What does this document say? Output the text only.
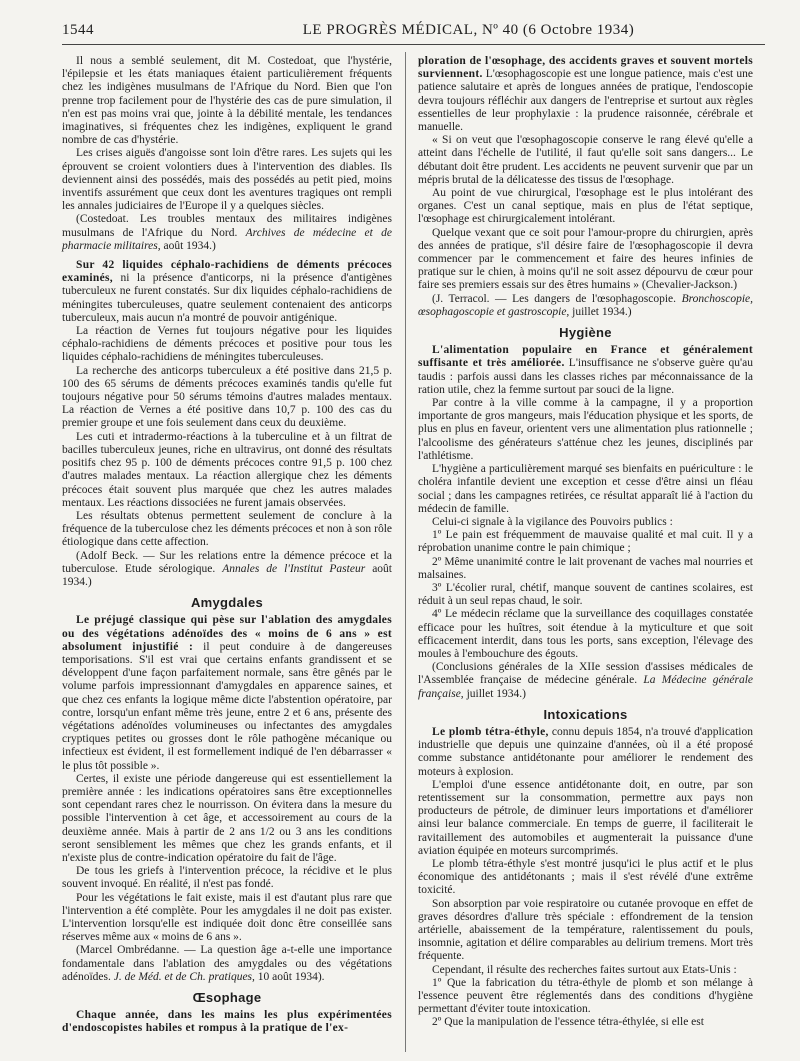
1544	LE PROGRÈS MÉDICAL, Nº 40 (6 Octobre 1934)

Il nous a semblé seulement, dit M. Costedoat, que l'hystérie, l'épilepsie et les états maniaques étaient particulièrement fréquents chez les indigènes musulmans de l'Afrique du Nord. Bien que l'on prenne trop facilement pour de l'hystérie des cas de pure simulation, il n'en est pas moins vrai que, jointe à la débilité mentale, les tendances imaginatives, si fréquentes chez les indigènes, expliquent le grand nombre de cas d'hystérie.

Les crises aiguës d'angoisse sont loin d'être rares. Les sujets qui les éprouvent se croient volontiers dues à l'intervention des diables. Ils deviennent ainsi des possédés, mais des possédés au petit pied, moins inventifs assurément que ceux dont les aventures tragiques ont rempli les annales judiciaires de l'Europe il y a quelques siècles.

(Costedoat. Les troubles mentaux des militaires indigènes musulmans de l'Afrique du Nord. Archives de médecine et de pharmacie militaires, août 1934.)

Sur 42 liquides céphalo-rachidiens de déments précoces examinés, ni la présence d'anticorps, ni la présence d'antigènes tuberculeux ne furent constatés. Sur dix liquides céphalo-rachidiens de méningites tuberculeuses, quatre seulement contenaient des anticorps tuberculeux, mais aucun n'a montré de pouvoir antigénique.

La réaction de Vernes fut toujours négative pour les liquides céphalo-rachidiens de déments précoces et positive pour tous les liquides céphalo-rachidiens de méningites tuberculeuses.

La recherche des anticorps tuberculeux a été positive dans 21,5 p. 100 des 65 sérums de déments précoces examinés tandis qu'elle fut toujours négative pour 50 sérums témoins d'autres malades mentaux. La réaction de Vernes a été positive dans 10,7 p. 100 des cas du premier groupe et une fois seulement dans ceux du deuxième.

Les cuti et intradermo-réactions à la tuberculine et à un filtrat de bacilles tuberculeux jeunes, riche en ultravirus, ont donné des résultats positifs chez 95 p. 100 de déments précoces contre 91,5 p. 100 chez d'autres malades mentaux. La réaction allergique chez les déments précoces était souvent plus marquée que chez les autres malades mentaux. Les réactions dissociées ne furent jamais observées.

Les résultats obtenus permettent seulement de conclure à la fréquence de la tuberculose chez les déments précoces et non à son rôle étiologique dans cette affection.

(Adolf Beck. — Sur les relations entre la démence précoce et la tuberculose. Etude sérologique. Annales de l'Institut Pasteur août 1934.)

Amygdales

Le préjugé classique qui pèse sur l'ablation des amygdales ou des végétations adénoïdes des « moins de 6 ans » est absolument injustifié : il peut conduire à de dangereuses temporisations. S'il est vrai que certains enfants grandissent et se développent d'une façon parfaitement normale, sans être gênés par le volume parfois impressionnant d'amygdales en apparence saines, et que chez ces enfants la logique même dicte l'abstention opératoire, par contre, lorsqu'un enfant même très jeune, entre 2 et 6 ans, présente des végétations adénoïdes volumineuses ou infectantes des amygdales cryptiques petites ou grosses dont le rôle pathogène mécanique ou infectieux est évident, il est formellement indiqué de l'en débarrasser « le plus tôt possible ».

Certes, il existe une période dangereuse qui est essentiellement la première année : les indications opératoires sans être exceptionnelles sont cependant rares chez le nourrisson. On évitera dans la mesure du possible l'intervention à cet âge, et accessoirement au cours de la deuxième année. Mais à partir de 2 ans 1/2 ou 3 ans les conditions seront sensiblement les mêmes que chez les grands enfants, et il n'existe plus de contre-indication opératoire du fait de l'âge.

De tous les griefs à l'intervention précoce, la récidive et le plus souvent invoqué. En réalité, il n'est pas fondé.

Pour les végétations le fait existe, mais il est d'autant plus rare que l'intervention a été complète. Pour les amygdales il ne doit pas exister. L'intervention lorsqu'elle est indiquée doit donc être conseillée sans réserves même aux « moins de 6 ans ».

(Marcel Ombrédanne. — La question âge a-t-elle une importance fondamentale dans l'ablation des amygdales ou des végétations adénoïdes. J. de Méd. et de Ch. pratiques, 10 août 1934).

Œsophage

Chaque année, dans les mains les plus expérimentées d'endoscopistes habiles et rompus à la pratique de l'ex-

ploration de l'œsophage, des accidents graves et souvent mortels surviennent. L'œsophagoscopie est une longue patience, mais c'est une patience salutaire et après de longues années de pratique, l'endoscopie devra toujours réfléchir aux dangers de l'entreprise et surtout aux règles essentielles de leur prophylaxie : la prudence raisonnée, cérébrale et manuelle.

« Si on veut que l'œsophagoscopie conserve le rang élevé qu'elle a atteint dans l'échelle de l'utilité, il faut qu'elle soit sans dangers... Le débutant doit être prudent. Les accidents ne peuvent survenir que par un mépris brutal de la délicatesse des tissus de l'œsophage.

Au point de vue chirurgical, l'œsophage est le plus intolérant des organes. C'est un canal septique, mais en plus de l'état septique, l'œsophage est chirurgicalement intolérant.

Quelque vexant que ce soit pour l'amour-propre du chirurgien, après des années de pratique, s'il désire faire de l'œsophagoscopie il devra commencer par le commencement et faire des heures infinies de pratique sur le chien, à moins qu'il ne soit assez dépourvu de cœur pour faire ses premiers essais sur des êtres humains » (Chevalier-Jackson.)

(J. Terracol. — Les dangers de l'œsophagoscopie. Bronchoscopie, œsophagoscopie et gastroscopie, juillet 1934.)

Hygiène

L'alimentation populaire en France et généralement suffisante et très améliorée. L'insuffisance ne s'observe guère qu'au taudis : parfois aussi dans les classes riches par méconnaissance de la ration utile, chez la femme surtout par souci de la ligne.

Par contre à la ville comme à la campagne, il y a proportion importante de gros mangeurs, mais l'éducation physique et les sports, de plus en plus en faveur, orientent vers une alimentation plus rationnelle ; l'alcoolisme des générateurs s'atténue chez les jeunes, disciplinés par l'athlétisme.

L'hygiène a particulièrement marqué ses bienfaits en puériculture : le choléra infantile devient une exception et cesse d'être ainsi un fléau social ; dans les campagnes retirées, ce résultat apparaît lié à l'action du médecin de famille.

Celui-ci signale à la vigilance des Pouvoirs publics :

1º Le pain est fréquemment de mauvaise qualité et mal cuit. Il y a réprobation unanime contre le pain chimique ;

2º Même unanimité contre le lait provenant de vaches mal nourries et malsaines.

3º L'écolier rural, chétif, manque souvent de cantines scolaires, est réduit à un seul repas chaud, le soir.

4º Le médecin réclame que la surveillance des coquillages constatée efficace pour les huîtres, soit étendue à la myticulture et que soit efficacement interdit, dans tous les ports, sans exception, l'élevage des moules à l'embouchure des égouts.

(Conclusions générales de la XIIe session d'assises médicales de l'Assemblée française de médecine générale. La Médecine générale française, juillet 1934.)

Intoxications

Le plomb tétra-éthyle, connu depuis 1854, n'a trouvé d'application industrielle que depuis une quinzaine d'années, où il a été proposé comme substance antidétonante pour améliorer le rendement des moteurs à explosion.

L'emploi d'une essence antidétonante doit, en outre, par son retentissement sur la consommation, permettre aux pays non producteurs de pétrole, de diminuer leurs importations et d'améliorer ainsi leur balance commerciale. En temps de guerre, il faciliterait le ravitaillement des automobiles et augmenterait la puissance d'une aviation équipée en moteurs surcomprimés.

Le plomb tétra-éthyle s'est montré jusqu'ici le plus actif et le plus économique des antidétonants ; mais il s'est révélé d'une extrême toxicité.

Son absorption par voie respiratoire ou cutanée provoque en effet de graves désordres d'allure très spéciale : effondrement de la tension artérielle, abaissement de la température, ralentissement du pouls, insomnie, agitation et délire comparables au delirium tremens. Mort très fréquente.

Cependant, il résulte des recherches faites surtout aux Etats-Unis :

1º Que la fabrication du tétra-éthyle de plomb et son mélange à l'essence peuvent être réglementés dans des conditions d'hygiène permettant d'éviter toute intoxication.

2º Que la manipulation de l'essence tétra-éthylée, si elle est
